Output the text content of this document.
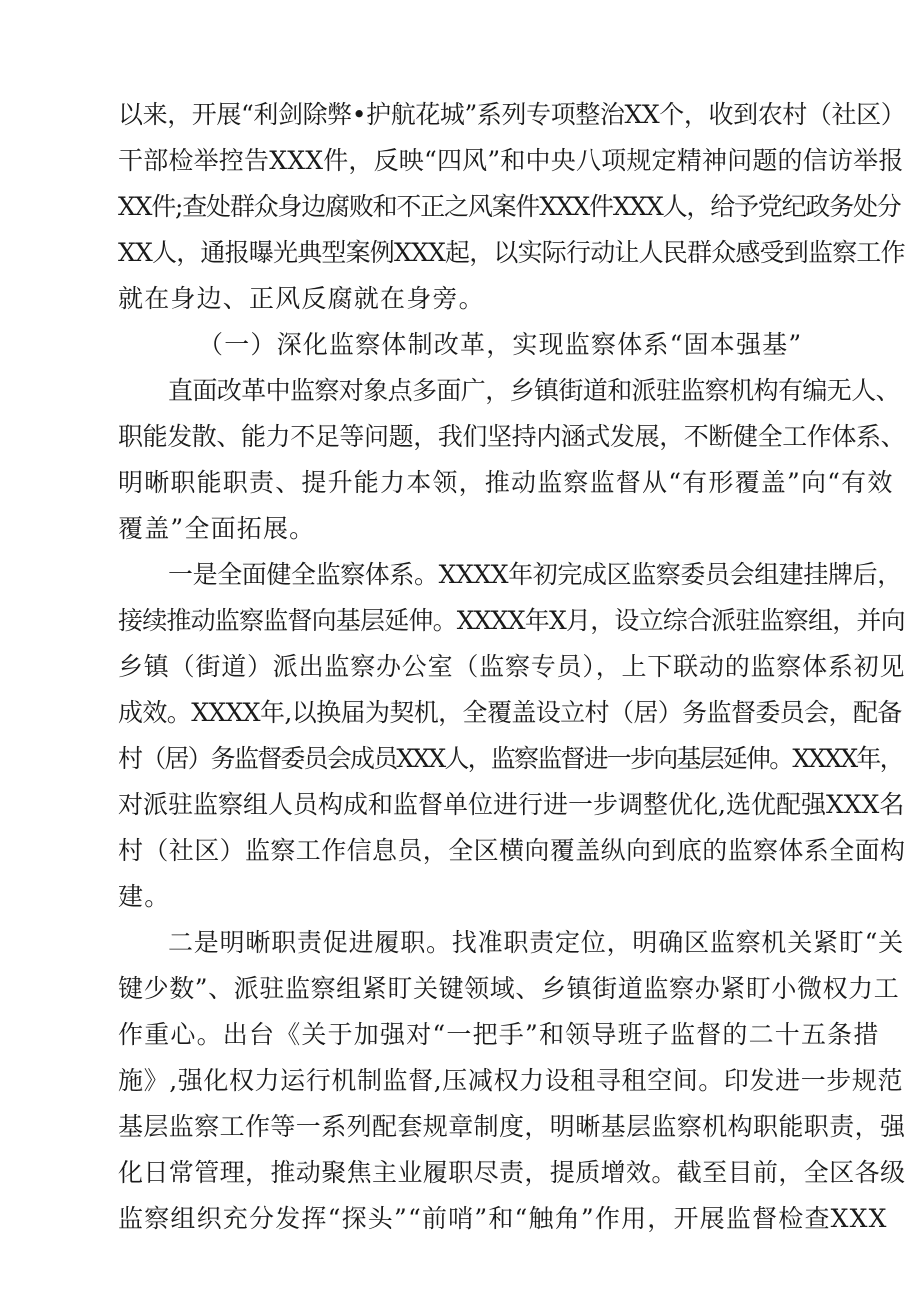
以来，开展“利剑除弊•护航花城”系列专项整治XX个，收到农村（社区）
干部检举控告XXX件，反映“四风”和中央八项规定精神问题的信访举报
XX件;查处群众身边腐败和不正之风案件XXX件XXX人，给予党纪政务处分
XX人，通报曝光典型案例XXX起，以实际行动让人民群众感受到监察工作
就在身边、正风反腐就在身旁。
（一）深化监察体制改革，实现监察体系“固本强基”
直面改革中监察对象点多面广，乡镇街道和派驻监察机构有编无人、
职能发散、能力不足等问题，我们坚持内涵式发展，不断健全工作体系、
明晰职能职责、提升能力本领，推动监察监督从“有形覆盖”向“有效
覆盖”全面拓展。
一是全面健全监察体系。XXXX年初完成区监察委员会组建挂牌后，
接续推动监察监督向基层延伸。XXXX年X月，设立综合派驻监察组，并向
乡镇（街道）派出监察办公室（监察专员），上下联动的监察体系初见
成效。XXXX年,以换届为契机，全覆盖设立村（居）务监督委员会，配备
村（居）务监督委员会成员XXX人，监察监督进一步向基层延伸。XXXX年，
对派驻监察组人员构成和监督单位进行进一步调整优化,选优配强XXX名
村（社区）监察工作信息员，全区横向覆盖纵向到底的监察体系全面构
建。
二是明晰职责促进履职。找准职责定位，明确区监察机关紧盯“关
键少数”、派驻监察组紧盯关键领域、乡镇街道监察办紧盯小微权力工
作重心。出台《关于加强对“一把手”和领导班子监督的二十五条措
施》,强化权力运行机制监督,压减权力设租寻租空间。印发进一步规范
基层监察工作等一系列配套规章制度，明晰基层监察机构职能职责，强
化日常管理，推动聚焦主业履职尽责，提质增效。截至目前，全区各级
监察组织充分发挥“探头”“前哨”和“触角”作用，开展监督检查XXX
